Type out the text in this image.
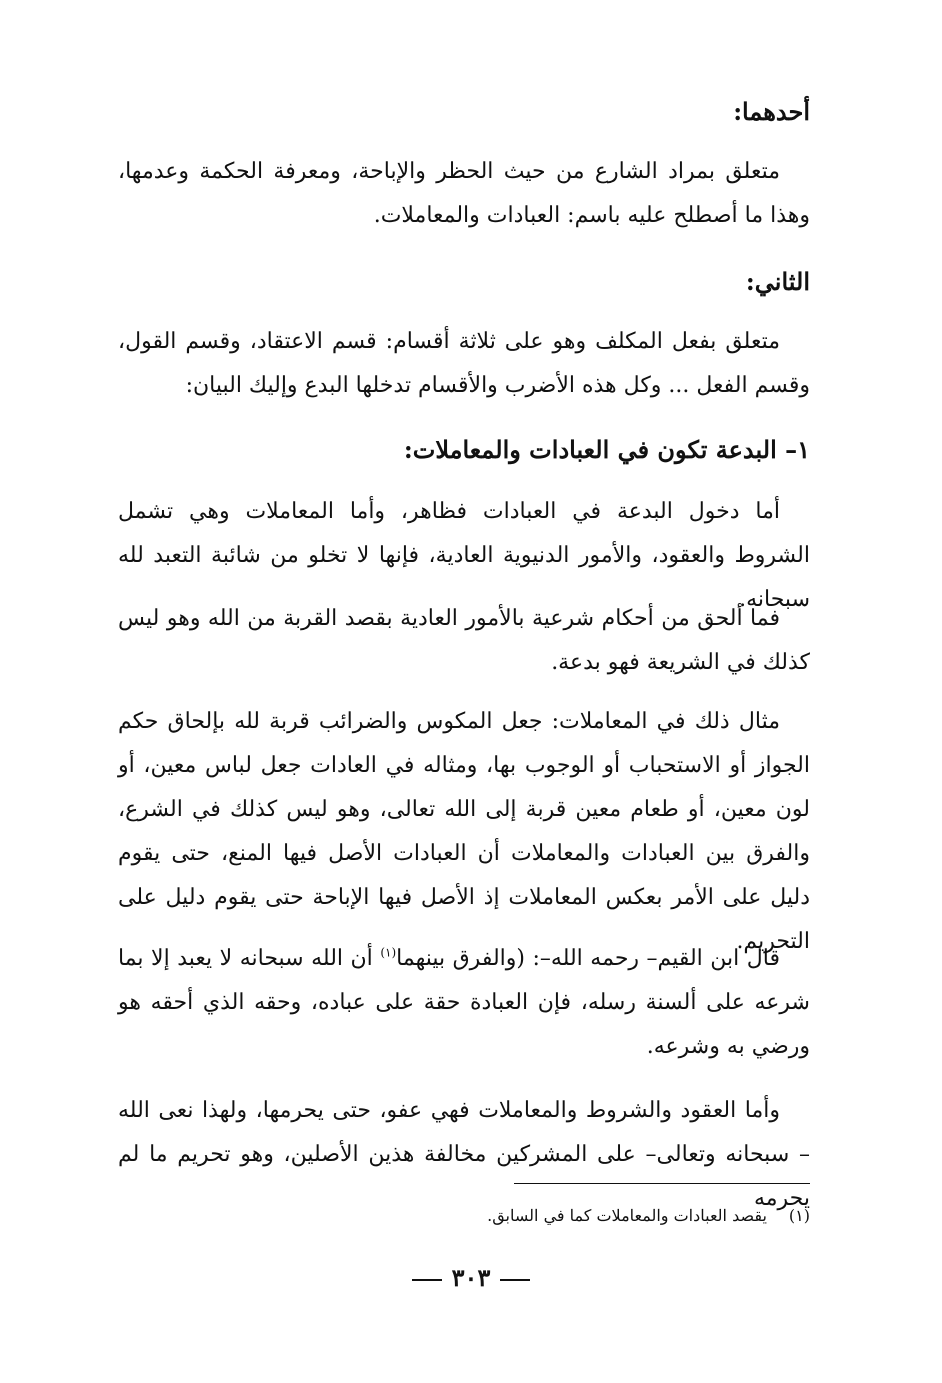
أحدهما:
متعلق بمراد الشارع من حيث الحظر والإباحة، ومعرفة الحكمة وعدمها، وهذا ما أصطلح عليه باسم: العبادات والمعاملات.
الثاني:
متعلق بفعل المكلف وهو على ثلاثة أقسام: قسم الاعتقاد، وقسم القول، وقسم الفعل ... وكل هذه الأضرب والأقسام تدخلها البدع وإليك البيان:
١– البدعة تكون في العبادات والمعاملات:
أما دخول البدعة في العبادات فظاهر، وأما المعاملات وهي تشمل الشروط والعقود، والأمور الدنيوية العادية، فإنها لا تخلو من شائبة التعبد لله سبحانه.
فما ألحق من أحكام شرعية بالأمور العادية بقصد القربة من الله وهو ليس كذلك في الشريعة فهو بدعة.
مثال ذلك في المعاملات: جعل المكوس والضرائب قربة لله بإلحاق حكم الجواز أو الاستحباب أو الوجوب بها، ومثاله في العادات جعل لباس معين، أو لون معين، أو طعام معين قربة إلى الله تعالى، وهو ليس كذلك في الشرع، والفرق بين العبادات والمعاملات أن العبادات الأصل فيها المنع، حتى يقوم دليل على الأمر بعكس المعاملات إذ الأصل فيها الإباحة حتى يقوم دليل على التحريم.
قال ابن القيم– رحمه الله–: (والفرق بينهما$^{(١)}$ أن الله سبحانه لا يعبد إلا بما شرعه على ألسنة رسله، فإن العبادة حقة على عباده، وحقه الذي أحقه هو ورضي به وشرعه.
وأما العقود والشروط والمعاملات فهي عفو، حتى يحرمها، ولهذا نعى الله – سبحانه وتعالى– على المشركين مخالفة هذين الأصلين، وهو تحريم ما لم يحرمه
(١)يقصد العبادات والمعاملات كما في السابق.
٣٠٣
